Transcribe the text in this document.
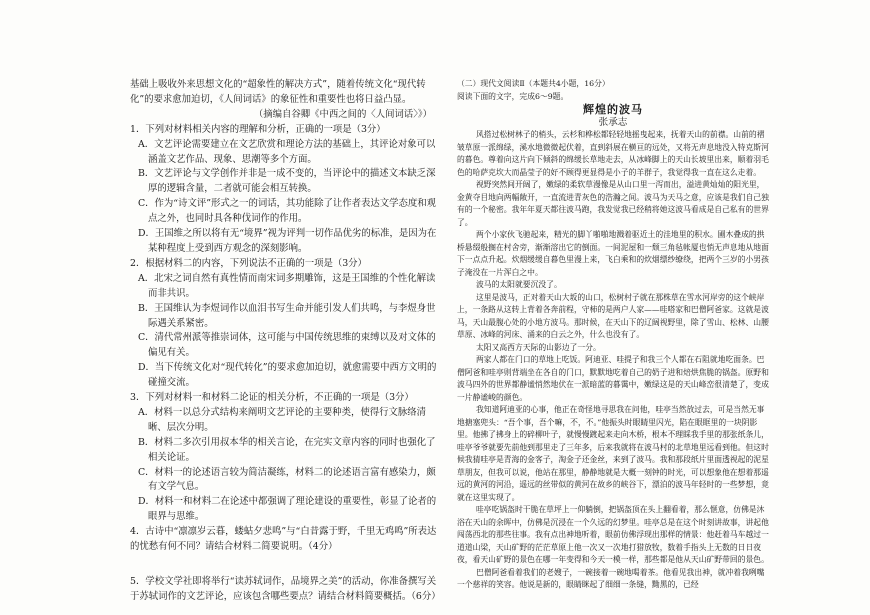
基础上吸收外来思想文化的“超象性的解决方式”，随着传统文化“现代转化”的要求愈加迫切，《人间词话》的象征性和重要性也将日益凸显。

（摘编自谷卿《中西之间的〈人间词话〉》）

1．下列对材料相关内容的理解和分析，正确的一项是（3分）

A．文艺评论需要建立在文艺欣赏和理论方法的基础上，其评论对象可以涵盖文艺作品、现象、思潮等多个方面。

B．文艺评论与文学创作并非是一成不变的，当评论中的描述文本缺乏深厚的逻辑含量，二者就可能会相互转换。

C．作为“诗文评”形式之一的词话，其功能除了让作者表达文学态度和观点之外，也同时具各种伐词作的作用。

D．王国维之所以将有无“境界”视为评判一切作品优劣的标准，是因为在某种程度上受到西方观念的深刻影响。

2．根据材料二的内容，下列说法不正确的一项是（3分）

A．北宋之词自然有真性情而南宋词多期雕饰，这是王国维的个性化解读而非共识。

B．王国维认为李煜词作以血泪书写生命并能引发人们共鸣，与李煜身世际遇关系紧密。

C．清代常州派等推崇词体，这可能与中国传统思维的束缚以及对文体的偏见有关。

D．当下传统文化对“现代转化”的要求愈加迫切，就愈需要中西方文明的碰撞交流。

3．下列对材料一和材料二论证的相关分析，不正确的一项是（3分）

A．材料一以总分式结构来阐明文艺评论的主要种类，使得行文脉络清晰、层次分明。

B．材料二多次引用叔本华的相关言论，在完实文章内容的同时也强化了相关论证。

C．材料一的论述语言较为简洁凝练，材料二的论述语言富有感染力，颇有文学气息。

D．材料一和材料二在论述中都强调了理论建设的重要性，彰显了论者的眼界与思维。

4．古诗中“凛凛岁云暮，蝼蛄夕悲鸣”与“白昔露于野，千里无鸡鸣”所表达的忧愁有何不同？请结合材料二简要说明。（4分）

5．学校文学社即将举行“读苏轼词作，品境界之美”的活动，你准备撰写关于苏轼词作的文艺评论，应该包含哪些要点？请结合材料简要概括。（6分）

（二）现代文阅读Ⅱ（本题共4小题，16分）

阅读下面的文字，完成6～9题。

辉煌的波马

张承志

风搭过松树林子的梢头，云杉和桦松都轻轻地摇曳起来，抚着天山的前襟。山前的褶皱草原一派绵绿，溪水地微微起伏着，直到斜展在横亘的远处，又将无声息地没入特克斯河的暮色。尊着向这片向下倾斜的绵缓长草地走去，从冰峰脚上的天山长坡里出来，顺着羽毛色的哈萨克坎大而晶莹子的好不顾得更显得是小子的羊群子，我觉得我一直在这么走着。

视野突然间开阔了，嫩绿的柔软草漫像是从山口里一泻而出，溢进黄灿灿的阳光里，金黄夺目地向两幅敞开，一直流进青灰色的浩瀚之间。波马为天马之意，应该是我们自己独有的一个秘密。我年年夏天都往波马跑，我发觉我已经稍将她这波马看成是自己私有的世界了。

两个小家伙飞驰起来，精光的脚丫啪啪地溅着驱近土的洼地里的积水。圃木叠成的拱桥悬缀般搁在村舍旁，渐渐溶出它的倒面。一间泥屋和一颓三角毡帐厦也悄无声息地从地面下一点点升起。炊烟缓缓自暮色里漫上来，飞白乘和的炊烟缥纱缭绕，把两个三岁的小男孩子淹没在一片浑白之中。

波马的太阳就要沉没了。

这里是波马，正对着天山大坂的山口，松树村子就在那株草在雪水河岸旁的这个峡岸上，一条路从这转上背着各奔前程，守柿的是两户人家——哇嗒家和巴僧阿爸家。这就是波马，天山最腹心处的小地方波马。那时候，在天山下的辽阔视野里，除了雪山、松林、山腰草原、冰峰的河床、涌来的白云之外，什么也没有了。

太阳又高西方天际的山影边了一分。

两家人都在门口的草地上吃饭。阿迪亚、哇提子和我三个人都在石阻就地吃面条。巴僧阿爸和哇亭则背端坐在各自的门口，默默地吃着自己的奶子进和焙烘焦脆的锅盔。原野和波马四外的世界都静谧悄然地伏在一派暗蓝的暮霭中，嫩绿这是的天山峰峦很清楚了，变成一片静谧峻的颜色。

我知道阿迪亚的心事，他正在奇怪地寻思我在问他，哇亭当然放过去，可是当然无事地搪塞兜头：“吾个事，吾个嘛，不，不。”他振头时眼睛里闪光，陷在眼眶里的一块阴影里。他拂了拂身上的碎柳叶子，就慢慢踱起来走向木桥，根本不理睬我手里的那张纸条儿，哇亭爷爷就要先前他到那里走了三年多，后来我就将在波马村的北草地里远看到他。但这时候我猜哇亭是青海的金客子，淘金子还金丝，来到了波马。我和那段纸片里面透视起的泥星草朋友，但我可以说，他站在那里，静静地就是大概一刻钟的时光，可以想象他在想着那遥远的黄河的河沿，遥远的丝带似的黄河在故乡的峡谷下，漂泊的波马年轻时的一些梦想，竟就在这里实现了。

哇亭吃锅盔时干脆在草坪上一仰躺倒，把锅盔顶在头上翻看着，那么惬意，仿佛是沐浴在天山的余晖中，仿佛是沉浸在一个久远的幻梦里。哇亭总是在这个时刻讲故事，讲起他闯荡西北的那些往事。我有点出神地听着，眼前仿佛浮现出那样的情景：他赶着马车越过一道道山梁，天山矿野的茫茫草原上他一次又一次地打猎放牧，数着手指头上无数的日日夜夜，看天山矿野的景色在哪一年变得和今天一模一样，那些都是他从天山矿野带回的景色。

巴僧阿爸看着我们的老嫂子，一碗接着一碗地喝着茶。他看见我出神，就冲着我咧嘴一个慈祥的笑容。他说是新的，眼睛眯起了细细一条缝，黝黑的，已经
